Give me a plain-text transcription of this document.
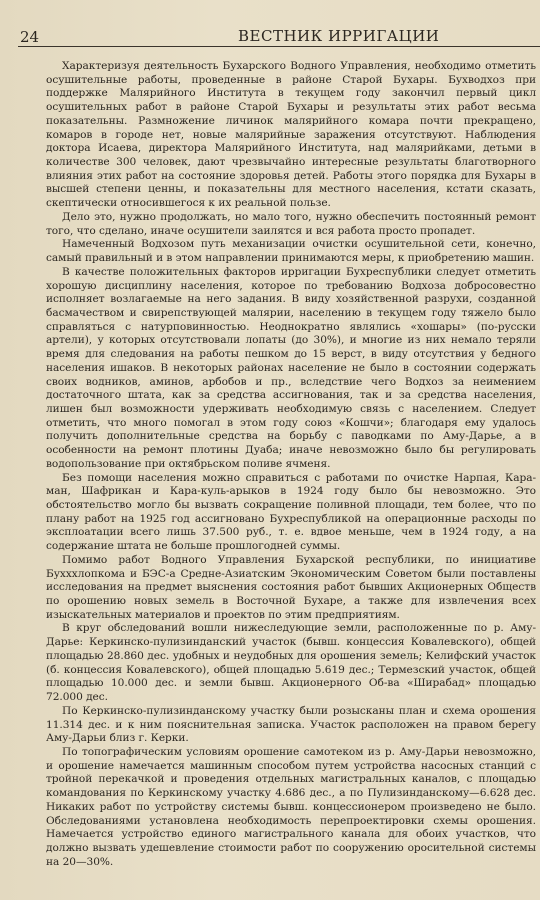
24	ВЕСТНИК ИРРИГАЦИИ

Характеризуя деятельность Бухарского Водного Управления, необходимо отметить осушительные работы, проведенные в районе Старой Бухары. Бухводхоз при поддержке Малярийного Института в текущем году закончил первый цикл осушительных работ в районе Старой Бухары и результаты этих работ весьма показательны. Размножение личинок малярийного комара почти прекращено, комаров в городе нет, новые малярийные заражения отсутствуют. Наблюдения доктора Исаева, директора Малярийного Института, над малярийками, детьми в количестве 300 человек, дают чрезвычайно интересные результаты благотворного влияния этих работ на состояние здоровья детей. Работы этого порядка для Бухары в высшей степени ценны, и показательны для местного населения, кстати сказать, скептически относившегося к их реальной пользе.

Дело это, нужно продолжать, но мало того, нужно обеспечить постоянный ремонт того, что сделано, иначе осушители заилятся и вся работа просто пропадет.

Намеченный Водхозом путь механизации очистки осушительной сети, конечно, самый правильный и в этом направлении принимаются меры, к приобретению машин.

В качестве положительных факторов ирригации Бухреспублики следует отметить хорошую дисциплину населения, которое по требованию Водхоза добросовестно исполняет возлагаемые на него задания. В виду хозяйственной разрухи, созданной басмачеством и свирепствующей малярии, населению в текущем году тяжело было справляться с натурповинностью. Неоднократно являлись «хошары» (по-русски артели), у которых отсутствовали лопаты (до 30%), и многие из них немало теряли время для следования на работы пешком до 15 верст, в виду отсутствия у бедного населения ишаков. В некоторых районах население не было в состоянии содержать своих водников, аминов, арбобов и пр., вследствие чего Водхоз за неимением достаточного штата, как за средства ассигнования, так и за средства населения, лишен был возможности удерживать необходимую связь с населением. Следует отметить, что много помогал в этом году союз «Кошчи»; благодаря ему удалось получить дополнительные средства на борьбу с паводками по Аму-Дарье, а в особенности на ремонт плотины Дуаба; иначе невозможно было бы регулировать водопользование при октябрьском поливе ячменя.

Без помощи населения можно справиться с работами по очистке Нарпая, Кара-ман, Шафрикан и Кара-куль-арыков в 1924 году было бы невозможно. Это обстоятельство могло бы вызвать сокращение поливной площади, тем более, что по плану работ на 1925 год ассигновано Бухреспубликой на операционные расходы по эксплоатации всего лишь 37.500 руб., т. е. вдвое меньше, чем в 1924 году, а на содержание штата не больше прошлогодней суммы.

Помимо работ Водного Управления Бухарской республики, по инициативе Бухххлопкома и БЭС-а Средне-Азиатским Экономическим Советом были поставлены исследования на предмет выяснения состояния работ бывших Акционерных Обществ по орошению новых земель в Восточной Бухаре, а также для извлечения всех изыскательных материалов и проектов по этим предприятиям.

В круг обследований вошли нижеследующие земли, расположенные по р. Аму-Дарье: Керкинско-пулизинданский участок (бывш. концессия Ковалевского), общей площадью 28.860 дес. удобных и неудобных для орошения земель; Келифский участок (б. концессия Ковалевского), общей площадью 5.619 дес.; Термезский участок, общей площадью 10.000 дес. и земли бывш. Акционерного Об-ва «Ширабад» площадью 72.000 дес.

По Керкинско-пулизинданскому участку были розысканы план и схема орошения 11.314 дес. и к ним пояснительная записка. Участок расположен на правом берегу Аму-Дарьи близ г. Керки.

По топографическим условиям орошение самотеком из р. Аму-Дарьи невозможно, и орошение намечается машинным способом путем устройства насосных станций с тройной перекачкой и проведения отдельных магистральных каналов, с площадью командования по Керкинскому участку 4.686 дес., а по Пулизинданскому—6.628 дес. Никаких работ по устройству системы бывш. концессионером произведено не было. Обследованиями установлена необходимость перепроектировки схемы орошения. Намечается устройство единого магистрального канала для обоих участков, что должно вызвать удешевление стоимости работ по сооружению оросительной системы на 20—30%.
